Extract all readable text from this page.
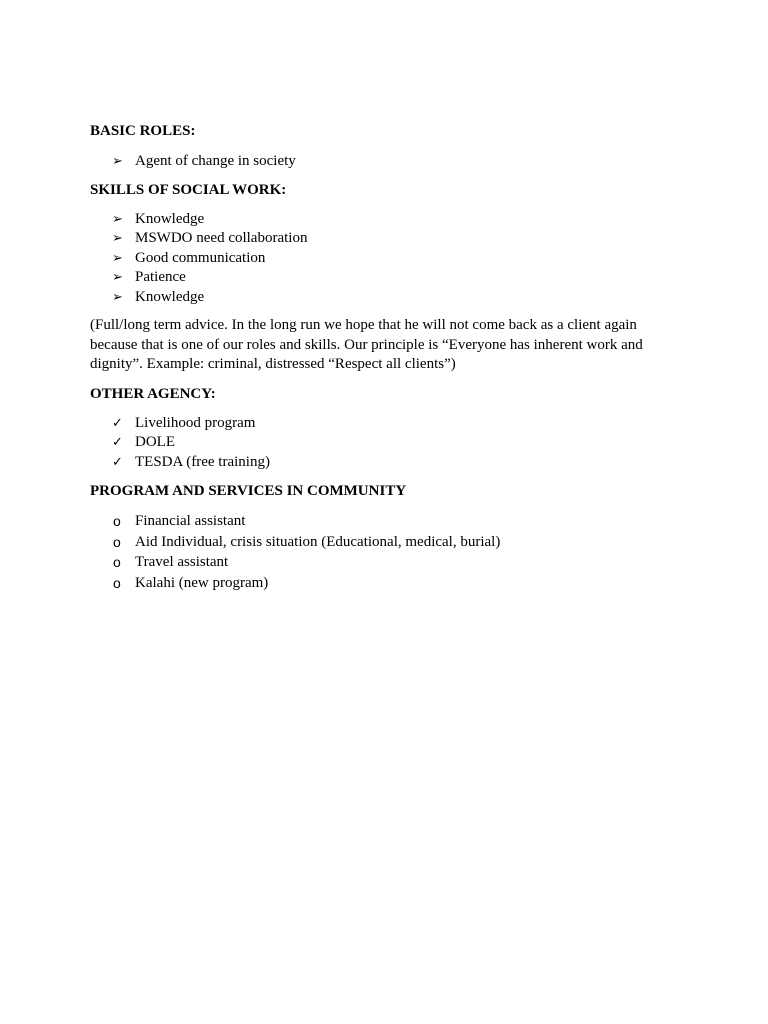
BASIC ROLES:

➢ Agent of change in society

SKILLS OF SOCIAL WORK:

➢ Knowledge
➢ MSWDO need collaboration
➢ Good communication
➢ Patience
➢ Knowledge

(Full/long term advice. In the long run we hope that he will not come back as a client again because that is one of our roles and skills. Our principle is “Everyone has inherent work and dignity”. Example: criminal, distressed “Respect all clients”)

OTHER AGENCY:

✓ Livelihood program
✓ DOLE
✓ TESDA (free training)

PROGRAM AND SERVICES IN COMMUNITY

o Financial assistant
o Aid Individual, crisis situation (Educational, medical, burial)
o Travel assistant
o Kalahi (new program)
